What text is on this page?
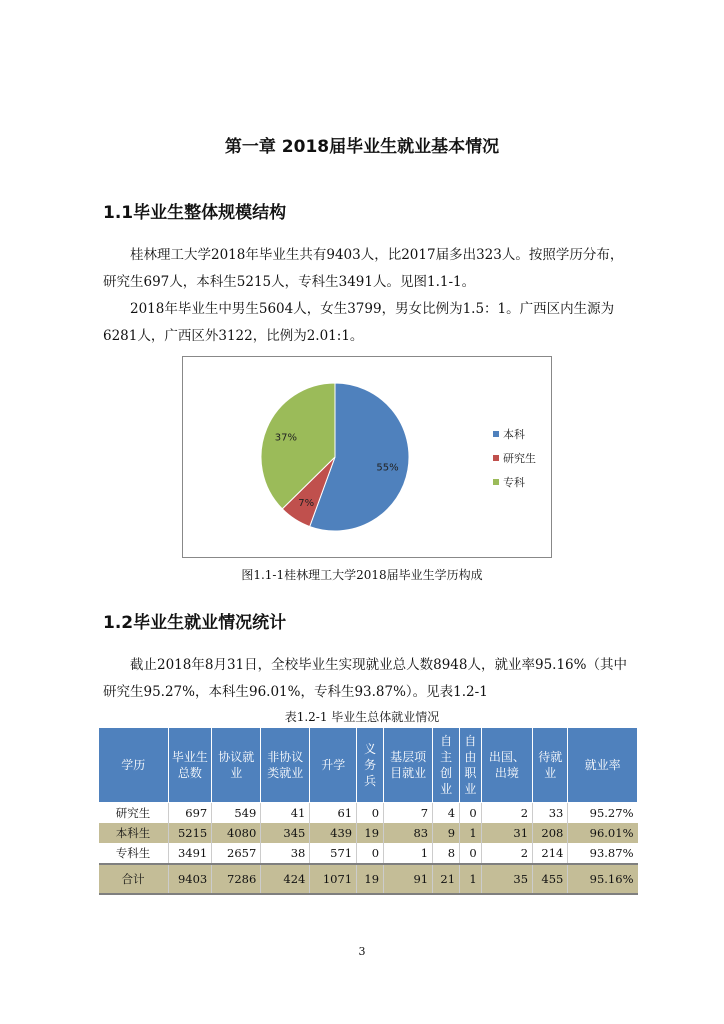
第一章 2018届毕业生就业基本情况
1.1毕业生整体规模结构

桂林理工大学2018年毕业生共有9403人，比2017届多出323人。按照学历分布，研究生697人，本科生5215人，专科生3491人。见图1.1-1。

2018年毕业生中男生5604人，女生3799，男女比例为1.5：1。广西区内生源为6281人，广西区外3122，比例为2.01:1。

55%
7%
37%	本科
研究生
专科

图1.1-1桂林理工大学2018届毕业生学历构成

1.2毕业生就业情况统计

截止2018年8月31日，全校毕业生实现就业总人数8948人，就业率95.16%（其中研究生95.27%，本科生96.01%，专科生93.87%）。见表1.2-1

表1.2-1 毕业生总体就业情况

学历	毕业生总数	协议就业	非协议类就业	升学	义务兵	基层项目就业	自主创业	自由职业	出国、出境	待就业	就业率
研究生	697	549	41	61	0	7	4	0	2	33	95.27%
本科生	5215	4080	345	439	19	83	9	1	31	208	96.01%
专科生	3491	2657	38	571	0	1	8	0	2	214	93.87%
合计	9403	7286	424	1071	19	91	21	1	35	455	95.16%

3
